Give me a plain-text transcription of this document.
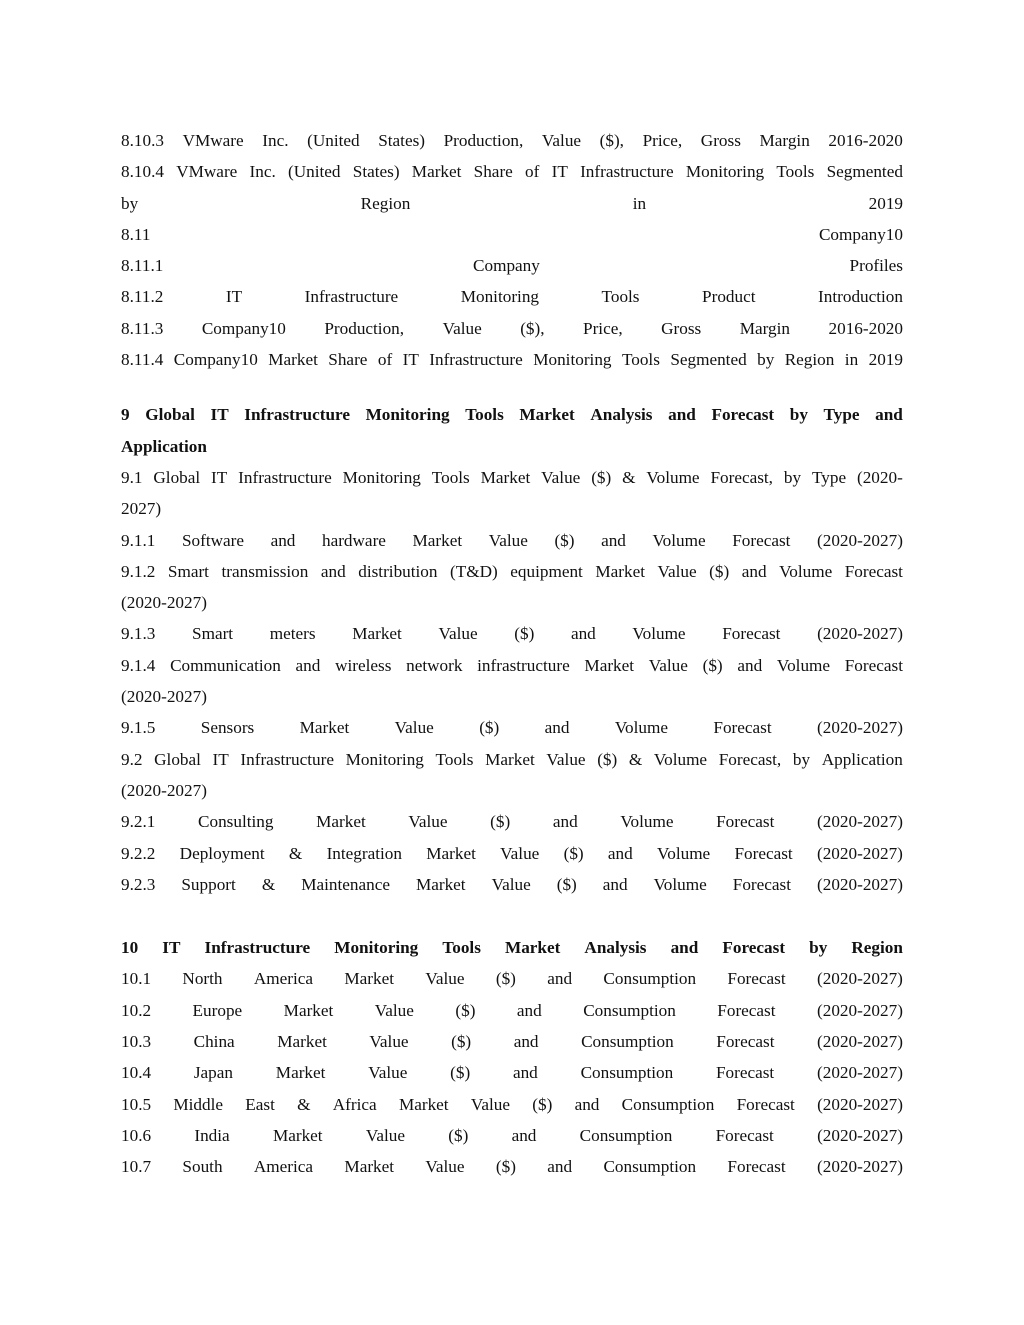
8.10.3 VMware Inc. (United States) Production, Value ($), Price, Gross Margin 2016-2020
8.10.4 VMware Inc. (United States) Market Share of IT Infrastructure Monitoring Tools Segmented
by	Region	in	2019
8.11	Company10
8.11.1	Company	Profiles
8.11.2	IT	Infrastructure	Monitoring	Tools	Product	Introduction
8.11.3 Company10 Production, Value ($), Price, Gross Margin 2016-2020
8.11.4 Company10 Market Share of IT Infrastructure Monitoring Tools Segmented by Region in 2019
9 Global IT Infrastructure Monitoring Tools Market Analysis and Forecast by Type and
Application
9.1 Global IT Infrastructure Monitoring Tools Market Value ($) & Volume Forecast, by Type (2020-
2027)
9.1.1 Software and hardware Market Value ($) and Volume Forecast (2020-2027)
9.1.2 Smart transmission and distribution (T&D) equipment Market Value ($) and Volume Forecast
(2020-2027)
9.1.3 Smart meters Market Value ($) and Volume Forecast (2020-2027)
9.1.4 Communication and wireless network infrastructure Market Value ($) and Volume Forecast
(2020-2027)
9.1.5	Sensors	Market	Value	($)	and	Volume	Forecast	(2020-2027)
9.2 Global IT Infrastructure Monitoring Tools Market Value ($) & Volume Forecast, by Application
(2020-2027)
9.2.1 Consulting Market Value ($) and Volume Forecast (2020-2027)
9.2.2 Deployment & Integration Market Value ($) and Volume Forecast (2020-2027)
9.2.3 Support & Maintenance Market Value ($) and Volume Forecast (2020-2027)
10 IT Infrastructure Monitoring Tools Market Analysis and Forecast by Region
10.1 North America Market Value ($) and Consumption Forecast (2020-2027)
10.2 Europe Market Value ($) and Consumption Forecast (2020-2027)
10.3 China Market Value ($) and Consumption Forecast (2020-2027)
10.4 Japan Market Value ($) and Consumption Forecast (2020-2027)
10.5 Middle East & Africa Market Value ($) and Consumption Forecast (2020-2027)
10.6	India	Market	Value	($)	and	Consumption	Forecast	(2020-2027)
10.7 South America Market Value ($) and Consumption Forecast (2020-2027)
